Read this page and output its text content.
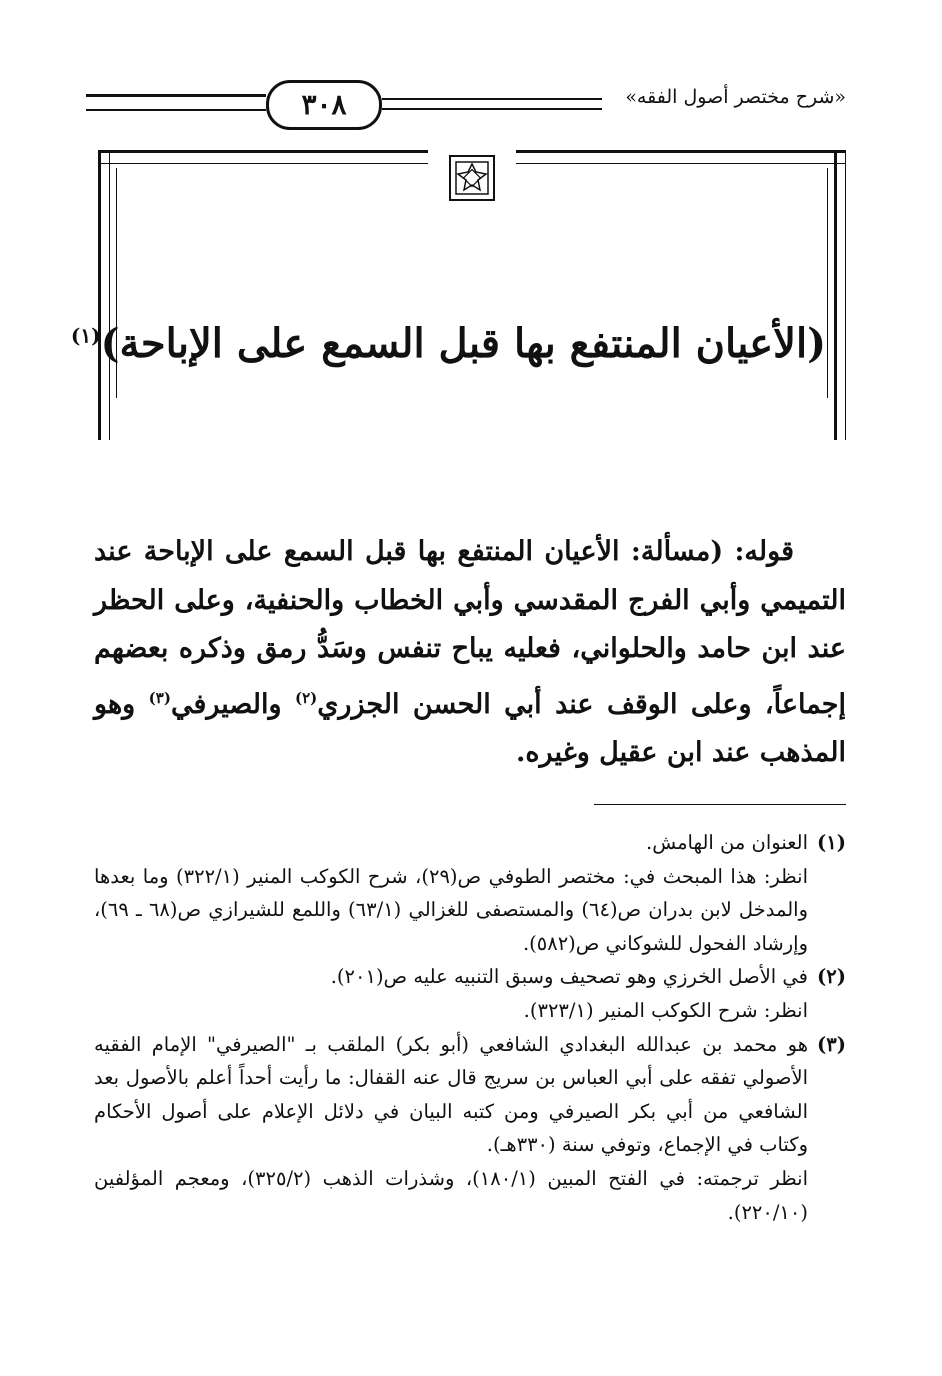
٣٠٨	«شرح مختصر أصول الفقه»
(الأعيان المنتفع بها قبل السمع على الإباحة)$^{(١)}$
قوله: (مسألة: الأعيان المنتفع بها قبل السمع على الإباحة عند التميمي وأبي الفرج المقدسي وأبي الخطاب والحنفية، وعلى الحظر عند ابن حامد والحلواني، فعليه يباح تنفس وسَدُّ رمق وذكره بعضهم إجماعاً، وعلى الوقف عند أبي الحسن الجزري$^{(٢)}$ والصيرفي$^{(٣)}$ وهو المذهب عند ابن عقيل وغيره.
(١)

العنوان من الهامش.

انظر: هذا المبحث في: مختصر الطوفي ص(٢٩)، شرح الكوكب المنير (٣٢٢/١) وما بعدها والمدخل لابن بدران ص(٦٤) والمستصفى للغزالي (٦٣/١) واللمع للشيرازي ص(٦٨ ـ ٦٩)، وإرشاد الفحول للشوكاني ص(٥٨٢).

(٢)

في الأصل الخرزي وهو تصحيف وسبق التنبيه عليه ص(٢٠١).

انظر: شرح الكوكب المنير (٣٢٣/١).

(٣)

هو محمد بن عبدالله البغدادي الشافعي (أبو بكر) الملقب بـ "الصيرفي" الإمام الفقيه الأصولي تفقه على أبي العباس بن سريج قال عنه القفال: ما رأيت أحداً أعلم بالأصول بعد الشافعي من أبي بكر الصيرفي ومن كتبه البيان في دلائل الإعلام على أصول الأحكام وكتاب في الإجماع، وتوفي سنة (٣٣٠هـ).

انظر ترجمته: في الفتح المبين (١٨٠/١)، وشذرات الذهب (٣٢٥/٢)، ومعجم المؤلفين (٢٢٠/١٠).
